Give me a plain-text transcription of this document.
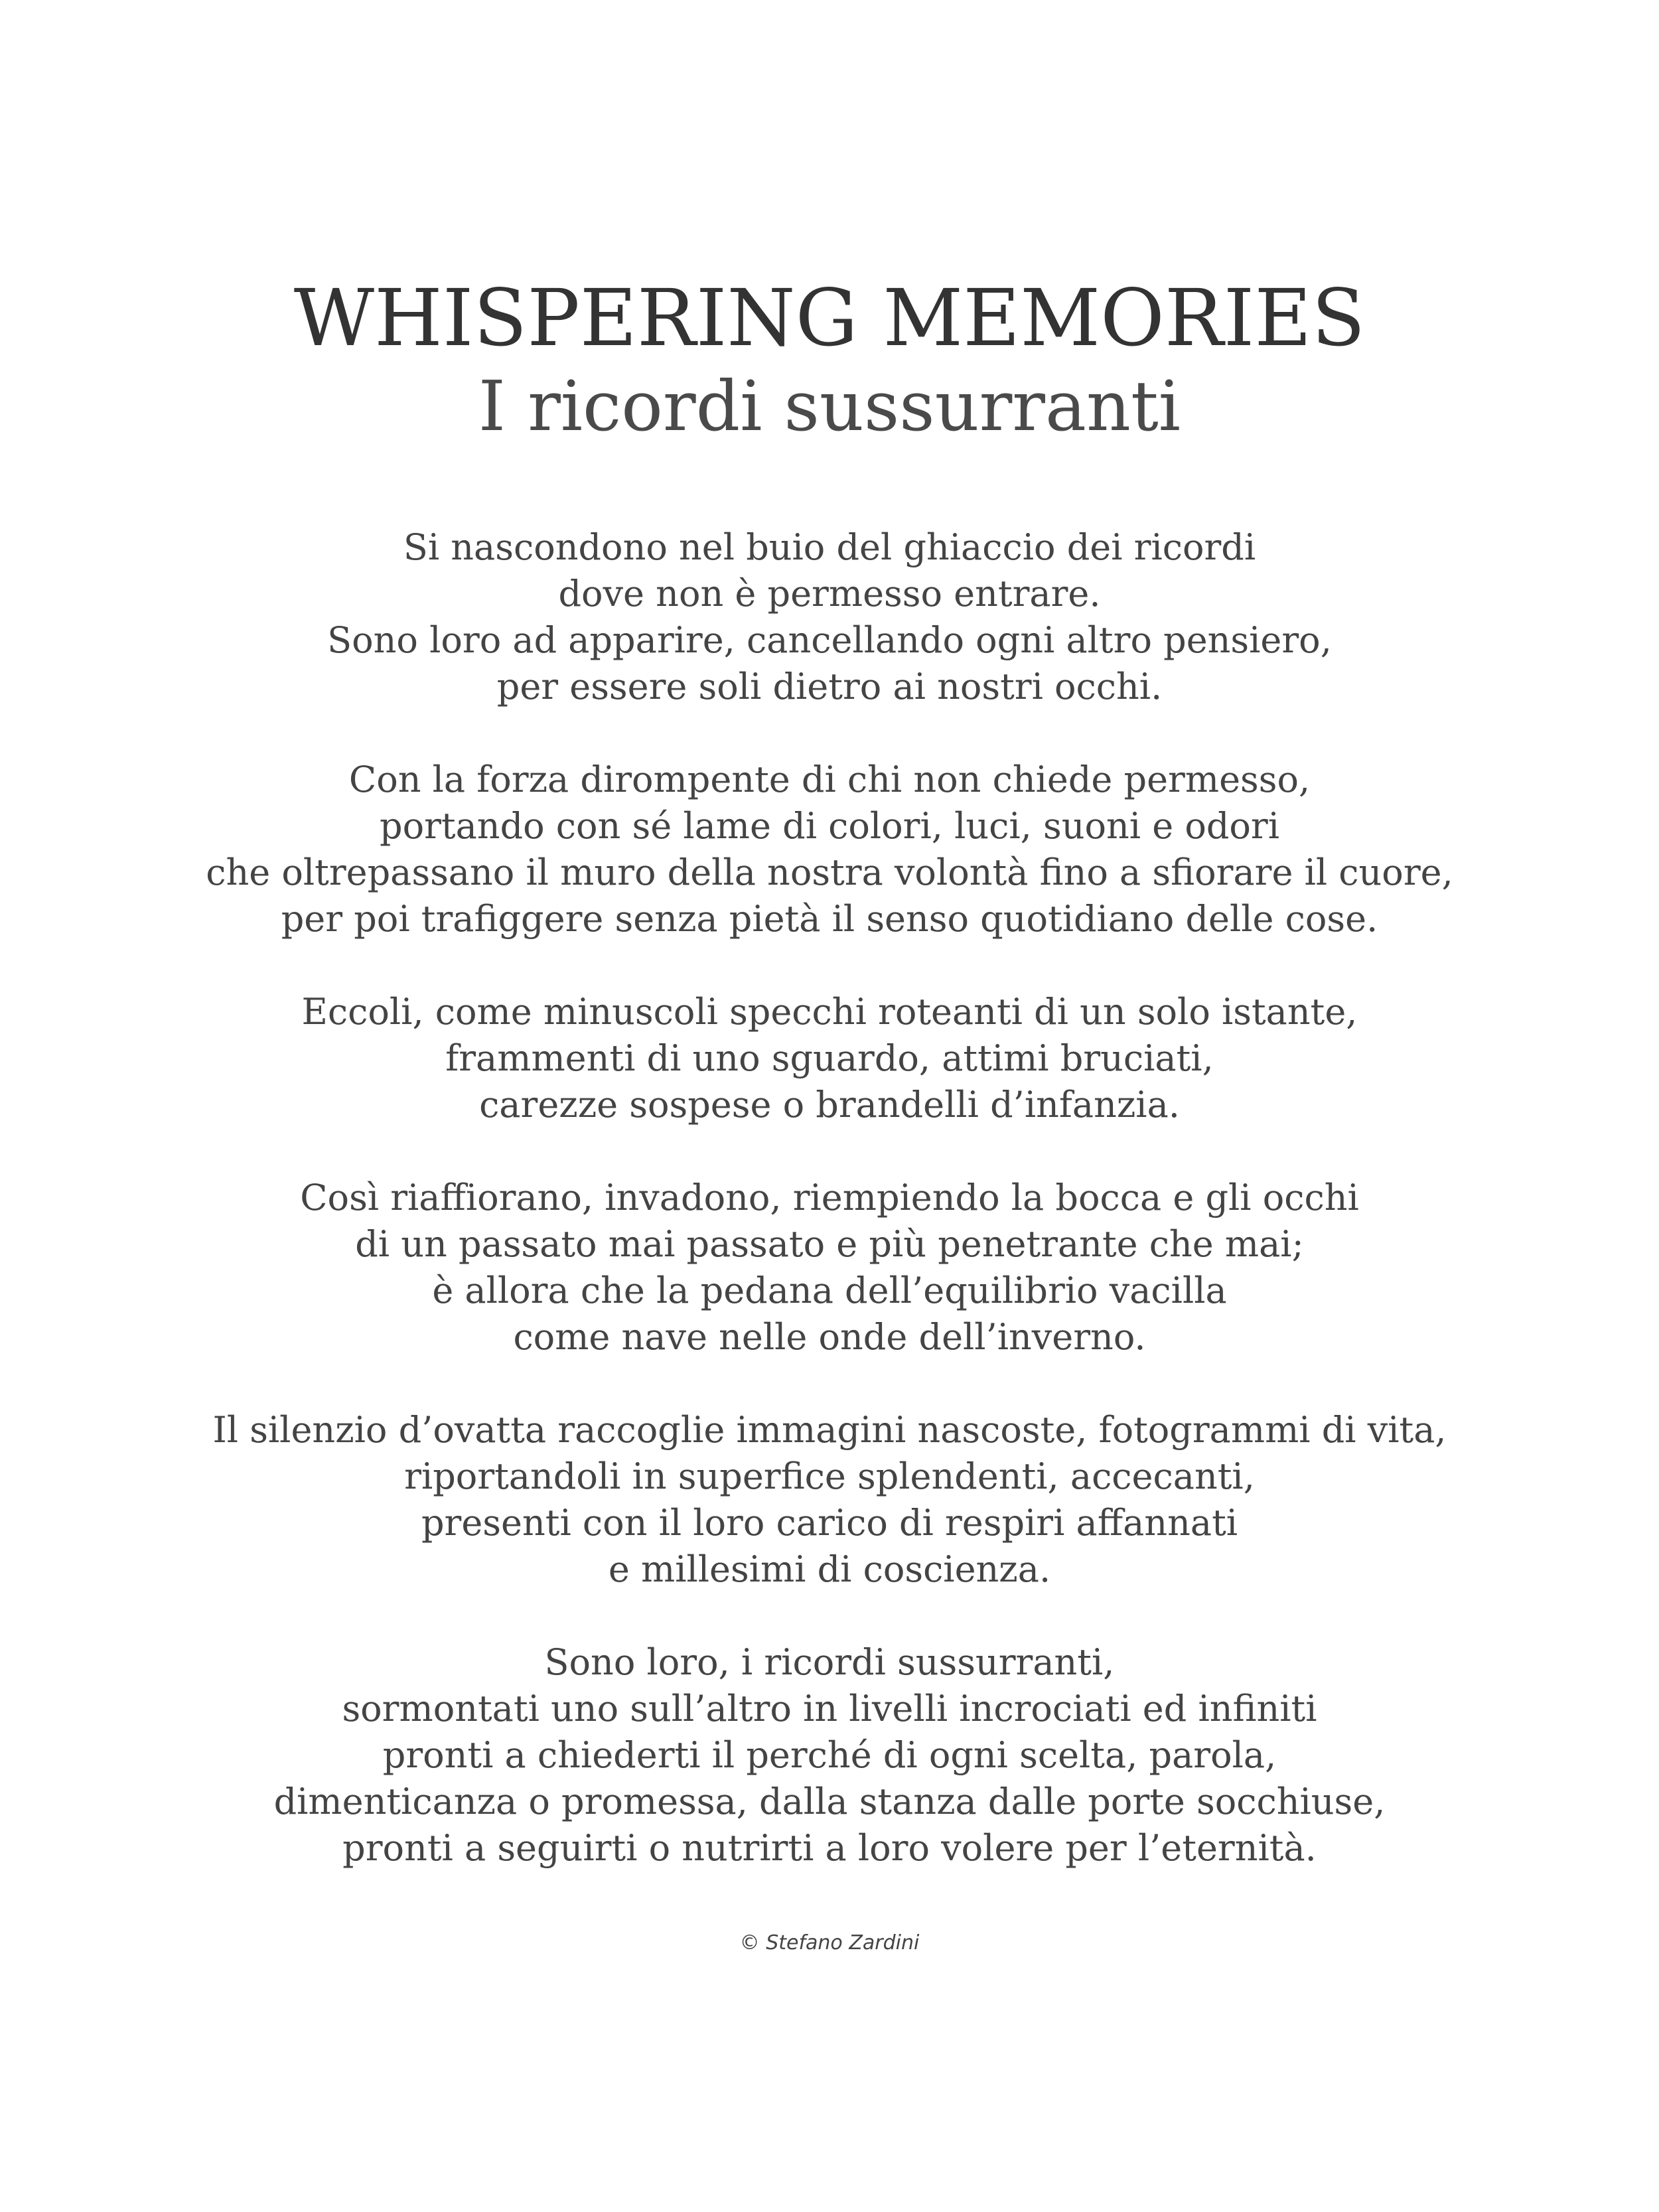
WHISPERING MEMORIES
I ricordi sussurranti
Si nascondono nel buio del ghiaccio dei ricordi
dove non è permesso entrare.
Sono loro ad apparire, cancellando ogni altro pensiero,
per essere soli dietro ai nostri occhi.
Con la forza dirompente di chi non chiede permesso,
portando con sé lame di colori, luci, suoni e odori
che oltrepassano il muro della nostra volontà fino a sfiorare il cuore,
per poi trafiggere senza pietà il senso quotidiano delle cose.
Eccoli, come minuscoli specchi roteanti di un solo istante,
frammenti di uno sguardo, attimi bruciati,
carezze sospese o brandelli d’infanzia.
Così riaffiorano, invadono, riempiendo la bocca e gli occhi
di un passato mai passato e più penetrante che mai;
è allora che la pedana dell’equilibrio vacilla
come nave nelle onde dell’inverno.
Il silenzio d’ovatta raccoglie immagini nascoste, fotogrammi di vita,
riportandoli in superfice splendenti, accecanti,
presenti con il loro carico di respiri affannati
e millesimi di coscienza.
Sono loro, i ricordi sussurranti,
sormontati uno sull’altro in livelli incrociati ed infiniti
pronti a chiederti il perché di ogni scelta, parola,
dimenticanza o promessa, dalla stanza dalle porte socchiuse,
pronti a seguirti o nutrirti a loro volere per l’eternità.
© Stefano Zardini
